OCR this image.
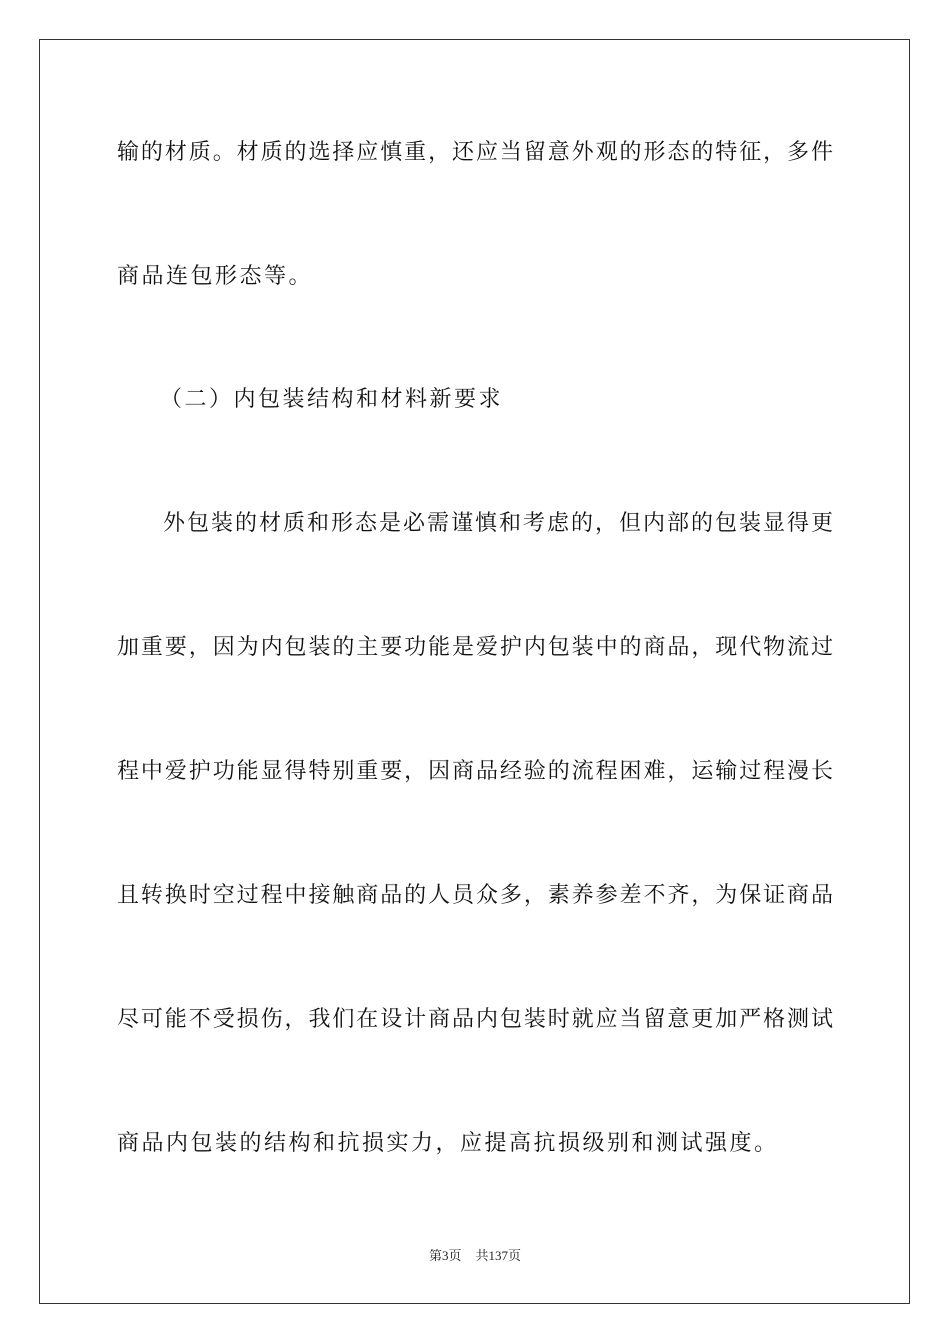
输的材质。材质的选择应慎重，还应当留意外观的形态的特征，多件
商品连包形态等。
（二）内包装结构和材料新要求
外包装的材质和形态是必需谨慎和考虑的，但内部的包装显得更
加重要，因为内包装的主要功能是爱护内包装中的商品，现代物流过
程中爱护功能显得特别重要，因商品经验的流程困难，运输过程漫长
且转换时空过程中接触商品的人员众多，素养参差不齐，为保证商品
尽可能不受损伤，我们在设计商品内包装时就应当留意更加严格测试
商品内包装的结构和抗损实力，应提高抗损级别和测试强度。
第3页 共137页
